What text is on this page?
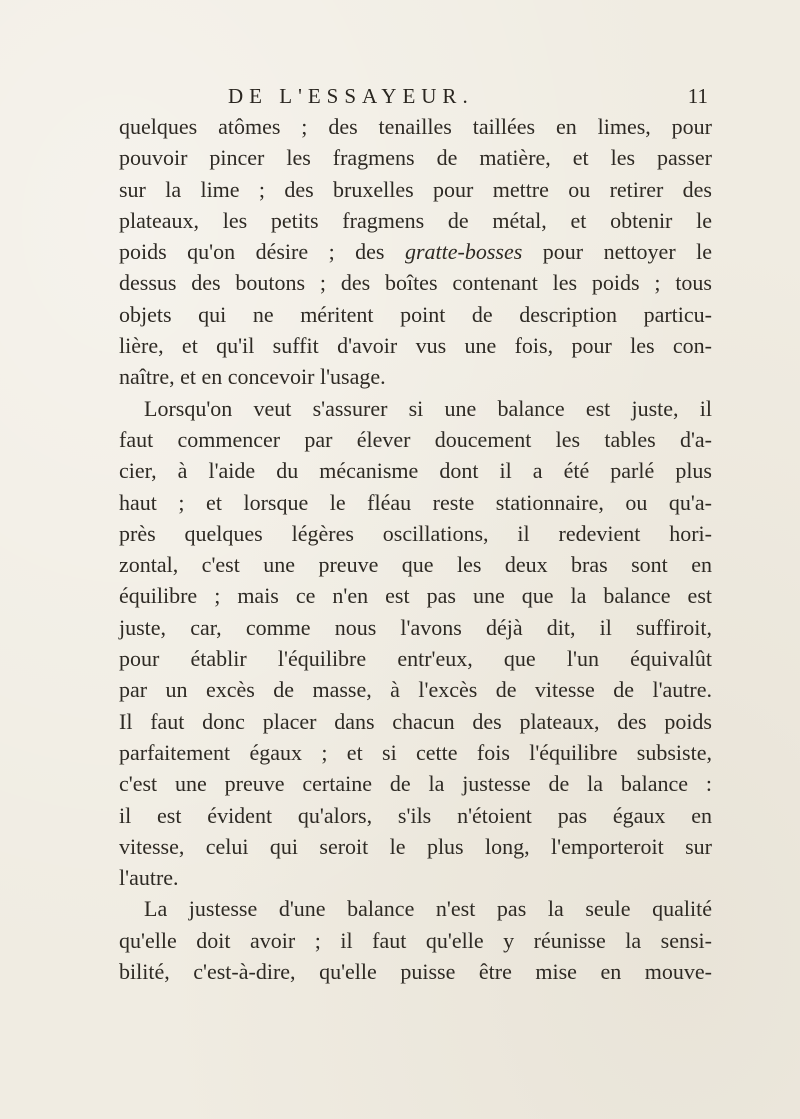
DE L'ESSAYEUR.	11
quelques atômes ; des tenailles taillées en limes, pour
pouvoir pincer les fragmens de matière, et les passer
sur la lime ; des bruxelles pour mettre ou retirer des
plateaux, les petits fragmens de métal, et obtenir le
poids qu'on désire ; des gratte-bosses pour nettoyer le
dessus des boutons ; des boîtes contenant les poids ; tous
objets qui ne méritent point de description particu-
lière, et qu'il suffit d'avoir vus une fois, pour les con-
naître, et en concevoir l'usage.
Lorsqu'on veut s'assurer si une balance est juste, il
faut commencer par élever doucement les tables d'a-
cier, à l'aide du mécanisme dont il a été parlé plus
haut ; et lorsque le fléau reste stationnaire, ou qu'a-
près quelques légères oscillations, il redevient hori-
zontal, c'est une preuve que les deux bras sont en
équilibre ; mais ce n'en est pas une que la balance est
juste, car, comme nous l'avons déjà dit, il suffiroit,
pour établir l'équilibre entr'eux, que l'un équivalût
par un excès de masse, à l'excès de vitesse de l'autre.
Il faut donc placer dans chacun des plateaux, des poids
parfaitement égaux ; et si cette fois l'équilibre subsiste,
c'est une preuve certaine de la justesse de la balance :
il est évident qu'alors, s'ils n'étoient pas égaux en
vitesse, celui qui seroit le plus long, l'emporteroit sur
l'autre.
La justesse d'une balance n'est pas la seule qualité
qu'elle doit avoir ; il faut qu'elle y réunisse la sensi-
bilité, c'est-à-dire, qu'elle puisse être mise en mouve-
